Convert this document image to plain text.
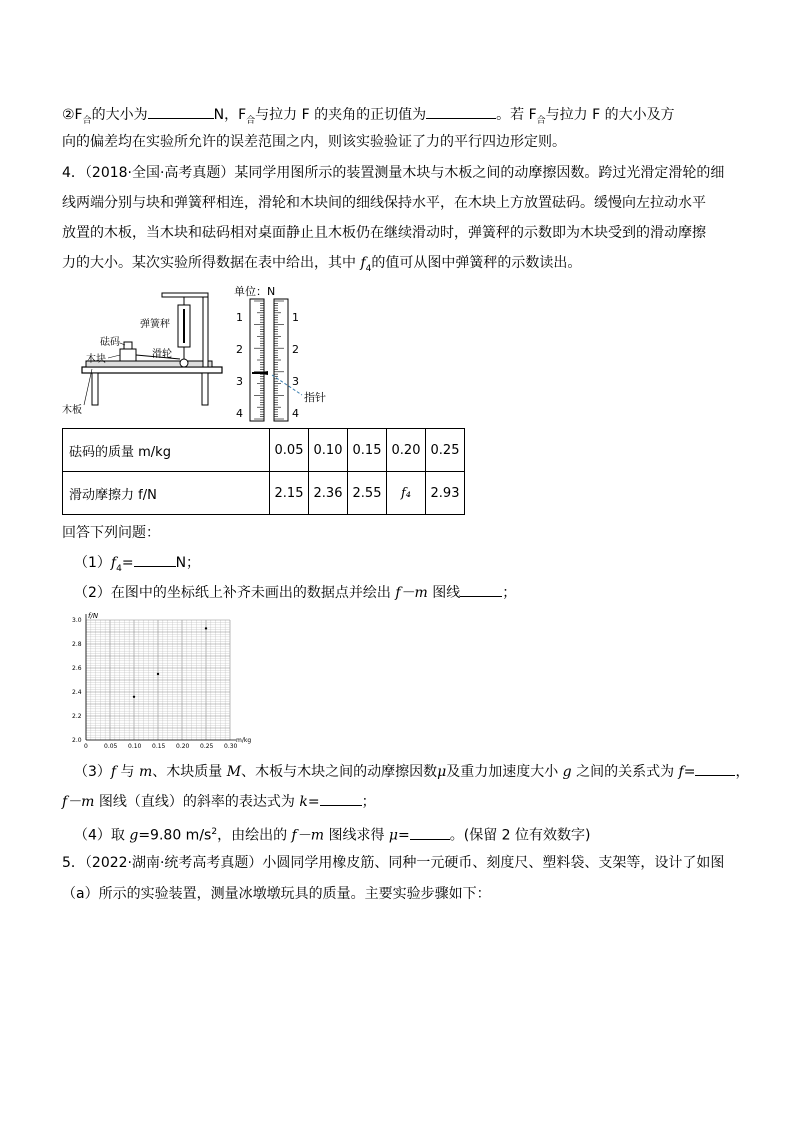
$②F_合$的大小为	N，$F_合$与拉力 F 的夹角的正切值为	。若 $F_合$与拉力 F 的大小及方
向的偏差均在实验所允许的误差范围之内，则该实验验证了力的平行四边形定则。
4．（2018·全国·高考真题）某同学用图所示的装置测量木块与木板之间的动摩擦因数。跨过光滑定滑轮的细
线两端分别与块和弹簧秤相连，滑轮和木块间的细线保持水平，在木块上方放置砝码。缓慢向左拉动水平
放置的木板，当木块和砝码相对桌面静止且木板仍在继续滑动时，弹簧秤的示数即为木块受到的滑动摩擦
力的大小。某次实验所得数据在表中给出，其中 $f_4$的值可从图中弹簧秤的示数读出。
弹簧秤
砝码
木块	滑轮
木板
单位：N
1
2
3
4
1
2
3
4
指针
砝码的质量 m/kg	0.05	0.10	0.15	0.20	0.25
滑动摩擦力 f/N	2.15	2.36	2.55	f₄	2.93
回答下列问题：
$(1)f_4=$	N；
（2）在图中的坐标纸上补齐未画出的数据点并绘出 f－m 图线	；
0	0.05 0.10 0.15 0.20 0.25 0.30
2.0
2.2
2.4
2.6
2.8
3.0
f/N
m/kg
（3）f 与 m、木块质量 M、木板与木块之间的动摩擦因数μ及重力加速度大小 g 之间的关系式为 f=	，
f－m 图线（直线）的斜率的表达式为 k=	；
（4）取 g=9.80 $m/s^2$，由绘出的 f－m 图线求得 μ=	。(保留 2 位有效数字)
5．（2022·湖南·统考高考真题）小圆同学用橡皮筋、同种一元硬币、刻度尺、塑料袋、支架等，设计了如图
（a）所示的实验装置，测量冰墩墩玩具的质量。主要实验步骤如下：
